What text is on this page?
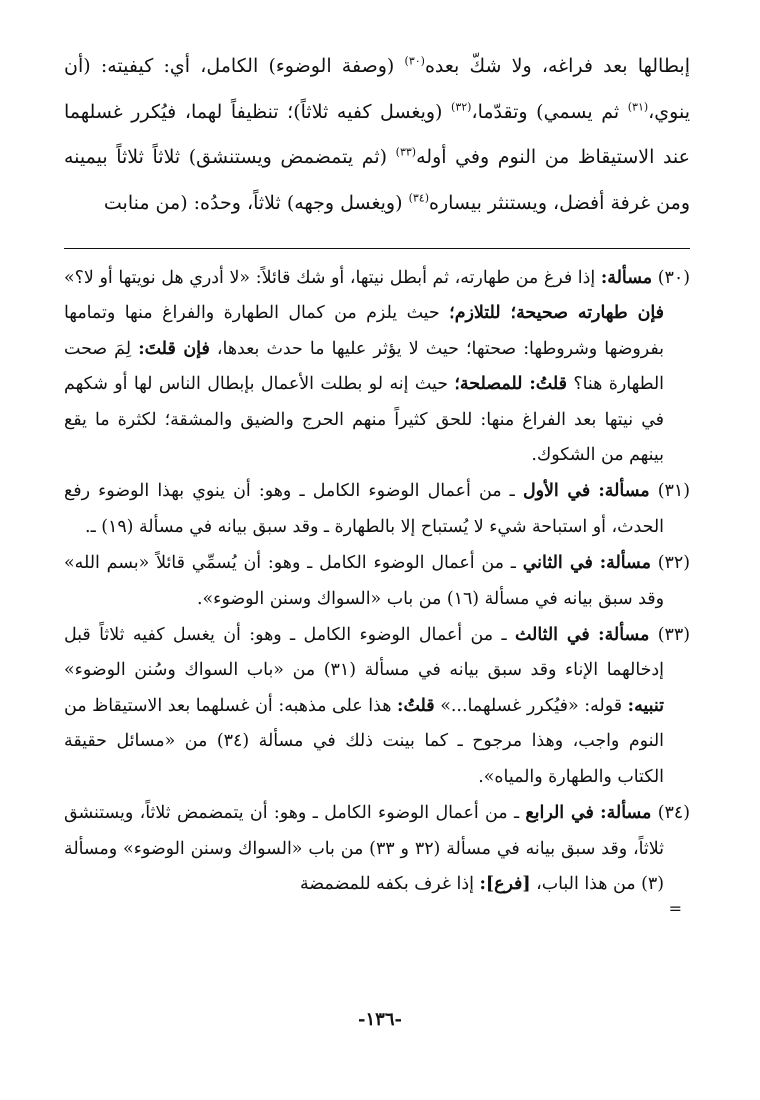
إبطالها بعد فراغه، ولا شكّ بعده$^{(٣٠)}$ (وصفة الوضوء) الكامل، أي: كيفيته: (أن ينوي،$^{(٣١)}$ ثم يسمي) وتقدّما،$^{(٣٢)}$ (ويغسل كفيه ثلاثاً)؛ تنظيفاً لهما، فيُكرر غسلهما عند الاستيقاظ من النوم وفي أوله$^{(٣٣)}$ (ثم يتمضمض ويستنشق) ثلاثاً ثلاثاً بيمينه ومن غرفة أفضل، ويستنثر بيساره$^{(٣٤)}$ (ويغسل وجهه) ثلاثاً، وحدُه: (من منابت

(٣٠) مسألة: إذا فرغ من طهارته، ثم أبطل نيتها، أو شك قائلاً: «لا أدري هل نويتها أو لا؟» فإن طهارته صحيحة؛ للتلازم؛ حيث يلزم من كمال الطهارة والفراغ منها وتمامها بفروضها وشروطها: صحتها؛ حيث لا يؤثر عليها ما حدث بعدها، فإن قلتَ: لِمَ صحت الطهارة هنا؟ قلتُ: للمصلحة؛ حيث إنه لو بطلت الأعمال بإبطال الناس لها أو شكهم في نيتها بعد الفراغ منها: للحق كثيراً منهم الحرج والضيق والمشقة؛ لكثرة ما يقع بينهم من الشكوك.

(٣١) مسألة: في الأول ـ من أعمال الوضوء الكامل ـ وهو: أن ينوي بهذا الوضوء رفع الحدث، أو استباحة شيء لا يُستباح إلا بالطهارة ـ وقد سبق بيانه في مسألة (١٩) ـ.

(٣٢) مسألة: في الثاني ـ من أعمال الوضوء الكامل ـ وهو: أن يُسمِّي قائلاً «بسم الله» وقد سبق بيانه في مسألة (١٦) من باب «السواك وسنن الوضوء».

(٣٣) مسألة: في الثالث ـ من أعمال الوضوء الكامل ـ وهو: أن يغسل كفيه ثلاثاً قبل إدخالهما الإناء وقد سبق بيانه في مسألة (٣١) من «باب السواك وسُنن الوضوء» تنبيه: قوله: «فيُكرر غسلهما...» قلتُ: هذا على مذهبه: أن غسلهما بعد الاستيقاظ من النوم واجب، وهذا مرجوح ـ كما بينت ذلك في مسألة (٣٤) من «مسائل حقيقة الكتاب والطهارة والمياه».

(٣٤) مسألة: في الرابع ـ من أعمال الوضوء الكامل ـ وهو: أن يتمضمض ثلاثاً، ويستنشق ثلاثاً، وقد سبق بيانه في مسألة (٣٢ و ٣٣) من باب «السواك وسنن الوضوء» ومسألة (٣) من هذا الباب، [فرع]: إذا غرف بكفه للمضمضة

=
-١٣٦-
